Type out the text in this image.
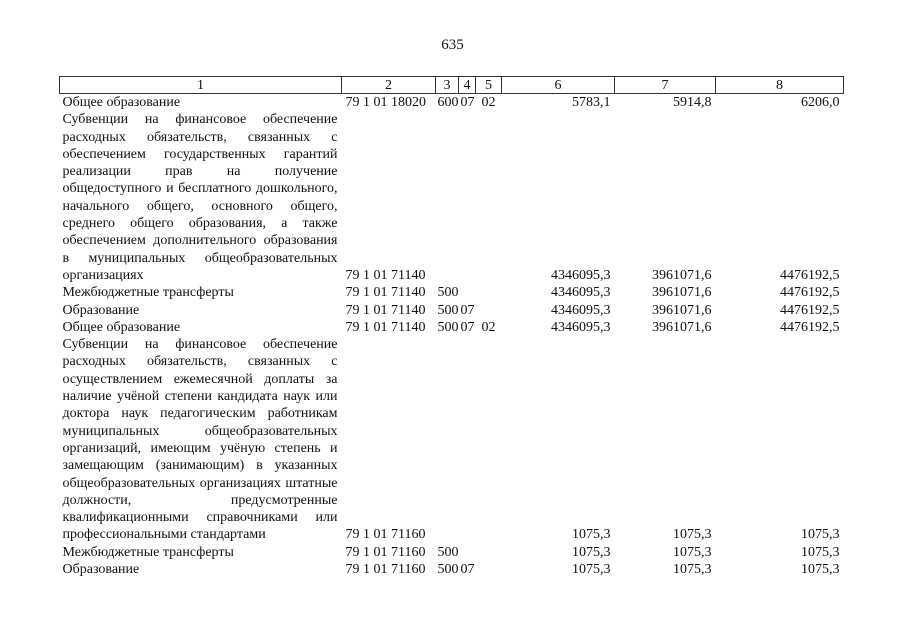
635
1	2	3	4	5	6	7	8
Общее образование	79 1 01 18020	600	07	02	5783,1	5914,8	6206,0
Субвенции на финансовое обеспечение расходных обязательств, связанных с обеспечением государственных гарантий реализации прав на получение общедоступного и бесплатного дошкольного, начального общего, основного общего, среднего общего образования, а также обеспечением дополнительного образования в муниципальных общеобразовательных организациях	79 1 01 71140				4346095,3	3961071,6	4476192,5
Межбюджетные трансферты	79 1 01 71140	500			4346095,3	3961071,6	4476192,5
Образование	79 1 01 71140	500	07		4346095,3	3961071,6	4476192,5
Общее образование	79 1 01 71140	500	07	02	4346095,3	3961071,6	4476192,5
Субвенции на финансовое обеспечение расходных обязательств, связанных с осуществлением ежемесячной доплаты за наличие учёной степени кандидата наук или доктора наук педагогическим работникам муниципальных общеобразовательных организаций, имеющим учёную степень и замещающим (занимающим) в указанных общеобразовательных организациях штатные должности, предусмотренные квалификационными справочниками или профессиональными стандартами	79 1 01 71160				1075,3	1075,3	1075,3
Межбюджетные трансферты	79 1 01 71160	500			1075,3	1075,3	1075,3
Образование	79 1 01 71160	500	07		1075,3	1075,3	1075,3
